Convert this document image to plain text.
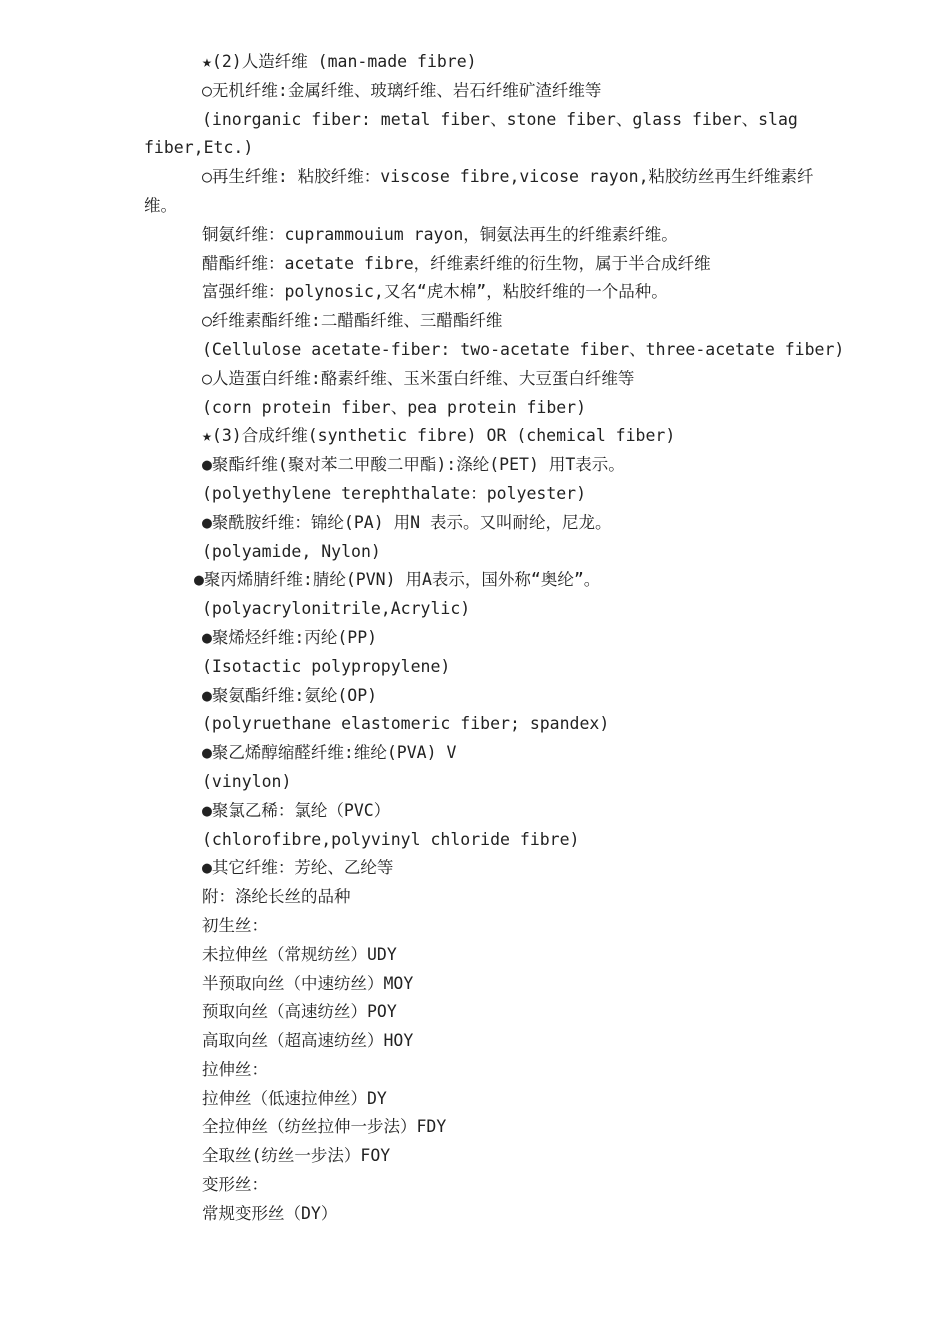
★(2)人造纤维 (man-made fibre)
○无机纤维:金属纤维、玻璃纤维、岩石纤维矿渣纤维等
(inorganic fiber: metal fiber、stone fiber、glass fiber、slag
fiber,Etc.)
○再生纤维: 粘胶纤维：viscose fibre,vicose rayon,粘胶纺丝再生纤维素纤
维。
铜氨纤维：cuprammouium rayon，铜氨法再生的纤维素纤维。
醋酯纤维：acetate fibre，纤维素纤维的衍生物，属于半合成纤维
富强纤维：polynosic,又名“虎木棉”，粘胶纤维的一个品种。
○纤维素酯纤维:二醋酯纤维、三醋酯纤维
(Cellulose acetate-fiber: two-acetate fiber、three-acetate fiber)
○人造蛋白纤维:酪素纤维、玉米蛋白纤维、大豆蛋白纤维等
(corn protein fiber、pea protein fiber)
★(3)合成纤维(synthetic fibre) OR (chemical fiber)
●聚酯纤维(聚对苯二甲酸二甲酯):涤纶(PET) 用T表示。
(polyethylene terephthalate：polyester)
●聚酰胺纤维：锦纶(PA) 用N 表示。又叫耐纶，尼龙。
(polyamide, Nylon)
●聚丙烯腈纤维:腈纶(PVN) 用A表示，国外称“奥纶”。
(polyacrylonitrile,Acrylic)
●聚烯烃纤维:丙纶(PP)
(Isotactic polypropylene)
●聚氨酯纤维:氨纶(OP)
(polyruethane elastomeric fiber; spandex)
●聚乙烯醇缩醛纤维:维纶(PVA) V
(vinylon)
●聚氯乙稀：氯纶（PVC）
(chlorofibre,polyvinyl chloride fibre)
●其它纤维：芳纶、乙纶等
附：涤纶长丝的品种
初生丝：
未拉伸丝（常规纺丝）UDY
半预取向丝（中速纺丝）MOY
预取向丝（高速纺丝）POY
高取向丝（超高速纺丝）HOY
拉伸丝：
拉伸丝（低速拉伸丝）DY
全拉伸丝（纺丝拉伸一步法）FDY
全取丝(纺丝一步法）FOY
变形丝：
常规变形丝（DY）
